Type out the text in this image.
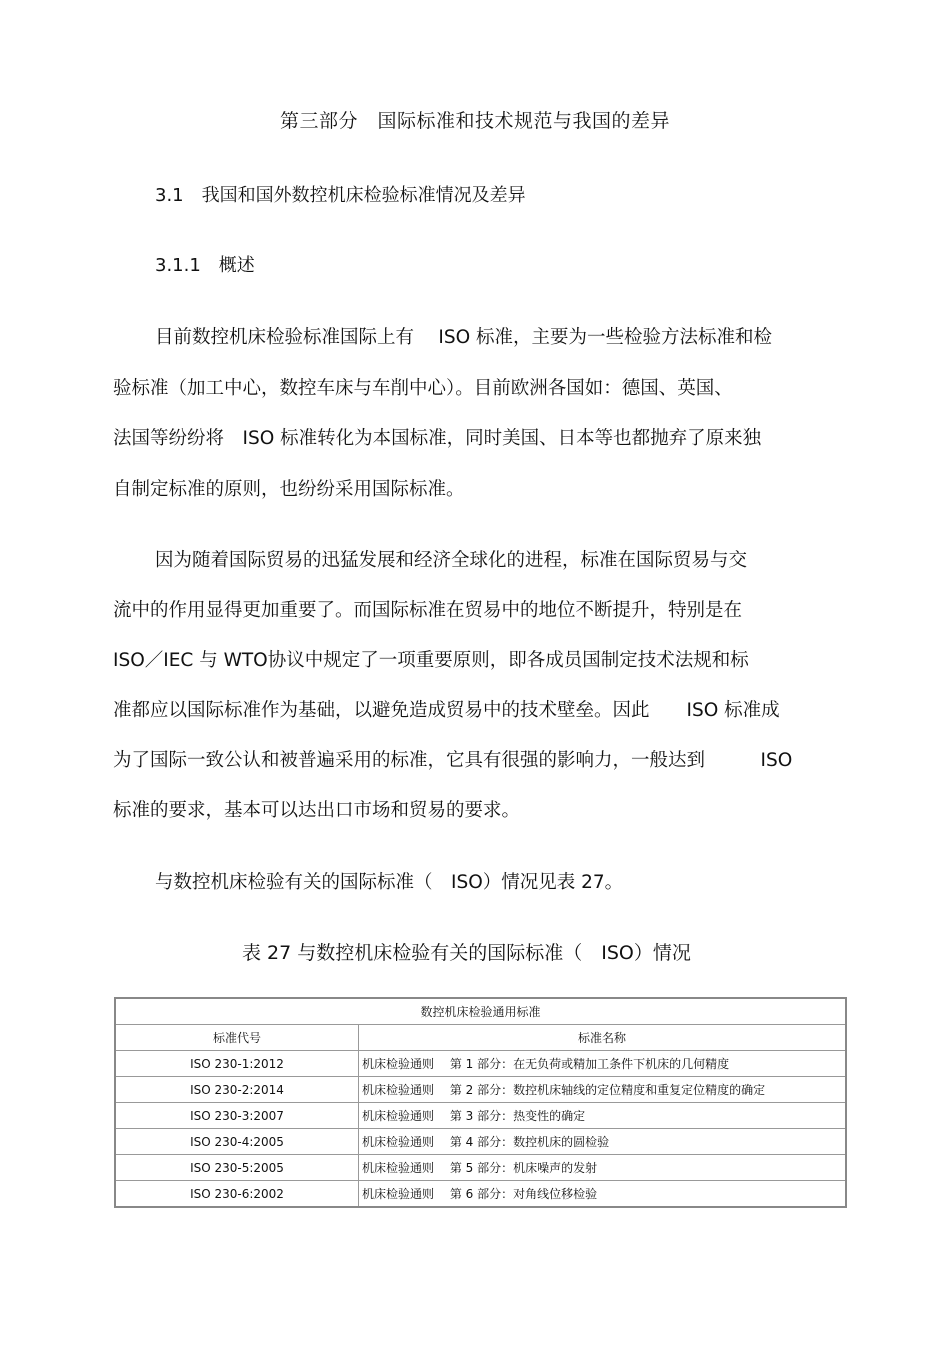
第三部分　国际标准和技术规范与我国的差异
3.1　我国和国外数控机床检验标准情况及差异
3.1.1　概述
目前数控机床检验标准国际上有　 ISO 标准，主要为一些检验方法标准和检
验标准（加工中心，数控车床与车削中心）。目前欧洲各国如：德国、英国、
法国等纷纷将　ISO 标准转化为本国标准，同时美国、日本等也都抛弃了原来独
自制定标准的原则，也纷纷采用国际标准。
因为随着国际贸易的迅猛发展和经济全球化的进程，标准在国际贸易与交
流中的作用显得更加重要了。而国际标准在贸易中的地位不断提升，特别是在
ISO／IEC 与 WTO协议中规定了一项重要原则，即各成员国制定技术法规和标
准都应以国际标准作为基础，以避免造成贸易中的技术壁垒。因此　　ISO 标准成
为了国际一致公认和被普遍采用的标准，它具有很强的影响力，一般达到　　　ISO
标准的要求，基本可以达出口市场和贸易的要求。
与数控机床检验有关的国际标准（　ISO）情况见表 27。
表 27 与数控机床检验有关的国际标准（　ISO）情况
数控机床检验通用标准	
标准代号	标准名称
ISO 230-1:2012	机床检验通则　 第 1 部分：在无负荷或精加工条件下机床的几何精度
ISO 230-2:2014	机床检验通则　 第 2 部分：数控机床轴线的定位精度和重复定位精度的确定
ISO 230-3:2007	机床检验通则　 第 3 部分：热变性的确定
ISO 230-4:2005	机床检验通则　 第 4 部分：数控机床的圆检验
ISO 230-5:2005	机床检验通则　 第 5 部分：机床噪声的发射
ISO 230-6:2002	机床检验通则　 第 6 部分：对角线位移检验
